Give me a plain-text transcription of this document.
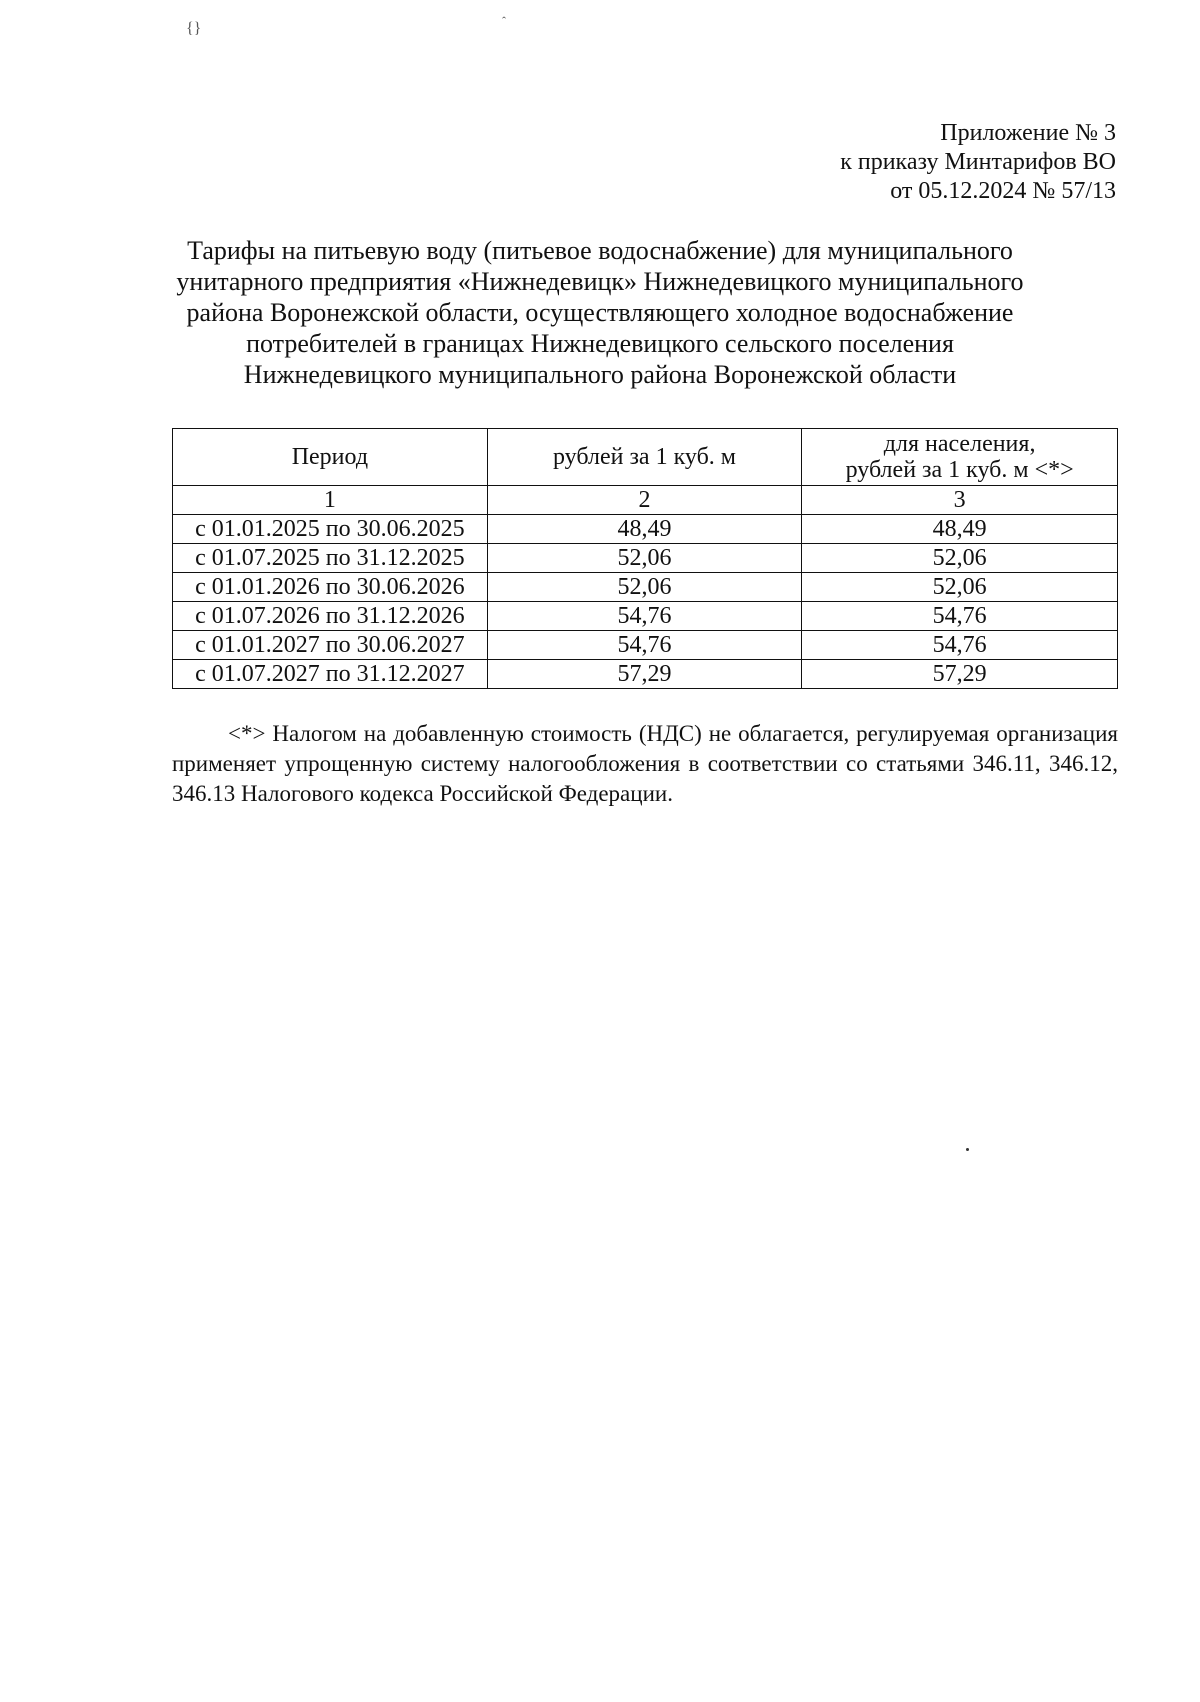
{}	ˆ
Приложение № 3
к приказу Минтарифов ВО
от 05.12.2024 № 57/13
Тарифы на питьевую воду (питьевое водоснабжение) для муниципального
унитарного предприятия «Нижнедевицк» Нижнедевицкого муниципального
района Воронежской области, осуществляющего холодное водоснабжение
потребителей в границах Нижнедевицкого сельского поселения
Нижнедевицкого муниципального района Воронежской области
Период	рублей за 1 куб. м	для населения,
рублей за 1 куб. м <*>

1	2	3
с 01.01.2025 по 30.06.2025	48,49	48,49
с 01.07.2025 по 31.12.2025	52,06	52,06
с 01.01.2026 по 30.06.2026	52,06	52,06
с 01.07.2026 по 31.12.2026	54,76	54,76
с 01.01.2027 по 30.06.2027	54,76	54,76
с 01.07.2027 по 31.12.2027	57,29	57,29
<*> Налогом на добавленную стоимость (НДС) не облагается, регулируемая организация применяет упрощенную систему налогообложения в соответствии со статьями 346.11, 346.12, 346.13 Налогового кодекса Российской Федерации.
